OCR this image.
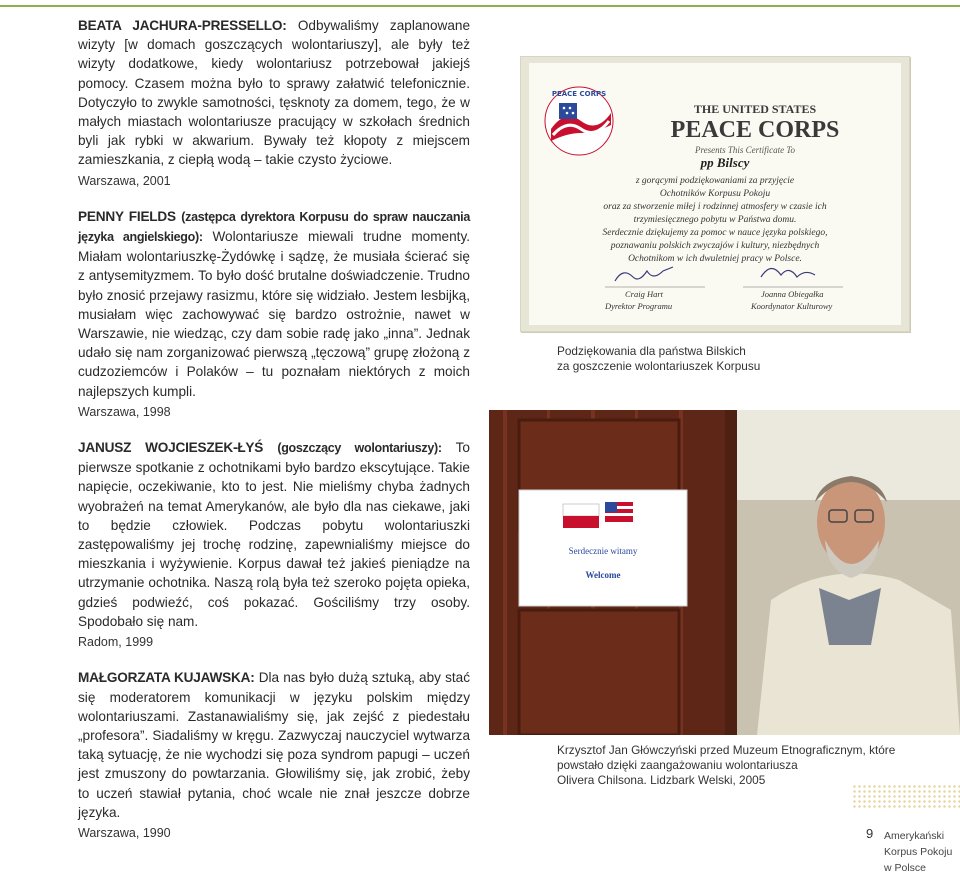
BEATA JACHURA-PRESSELLO: Odbywaliśmy zaplanowane wizyty [w domach goszczących wolontariuszy], ale były też wizyty dodatkowe, kiedy wolontariusz potrzebował jakiejś pomocy. Czasem można było to sprawy załatwić telefonicznie. Dotyczyło to zwykle samotności, tęsknoty za domem, tego, że w małych miastach wolontariusze pracujący w szkołach średnich byli jak rybki w akwarium. Bywały też kłopoty z miejscem zamieszkania, z ciepłą wodą – takie czysto życiowe.
Warszawa, 2001

PENNY FIELDS (zastępca dyrektora Korpusu do spraw nauczania języka angielskiego): Wolontariusze miewali trudne momenty. Miałam wolontariuszkę-Żydówkę i sądzę, że musiała ścierać się z antysemityzmem. To było dość brutalne doświadczenie. Trudno było znosić przejawy rasizmu, które się widziało. Jestem lesbijką, musiałam więc zachowywać się bardzo ostrożnie, nawet w Warszawie, nie wiedząc, czy dam sobie radę jako „inna”. Jednak udało się nam zorganizować pierwszą „tęczową” grupę złożoną z cudzoziemców i Polaków – tu poznałam niektórych z moich najlepszych kumpli.
Warszawa, 1998

JANUSZ WOJCIESZEK-ŁYŚ (goszczący wolontariuszy): To pierwsze spotkanie z ochotnikami było bardzo ekscytujące. Takie napięcie, oczekiwanie, kto to jest. Nie mieliśmy chyba żadnych wyobrażeń na temat Amerykanów, ale było dla nas ciekawe, jaki to będzie człowiek. Podczas pobytu wolontariuszki zastępowaliśmy jej trochę rodzinę, zapewnialiśmy miejsce do mieszkania i wyżywienie. Korpus dawał też jakieś pieniądze na utrzymanie ochotnika. Naszą rolą była też szeroko pojęta opieka, gdzieś podwieźć, coś pokazać. Gościliśmy trzy osoby. Spodobało się nam.
Radom, 1999

MAŁGORZATA KUJAWSKA: Dla nas było dużą sztuką, aby stać się moderatorem komunikacji w języku polskim między wolontariuszami. Zastanawialiśmy się, jak zejść z piedestału „profesora”. Siadaliśmy w kręgu. Zazwyczaj nauczyciel wytwarza taką sytuację, że nie wychodzi się poza syndrom papugi – uczeń jest zmuszony do powtarzania. Głowiliśmy się, jak zrobić, żeby to uczeń stawiał pytania, choć wcale nie znał jeszcze dobrze języka.
Warszawa, 1990

PEACE CORPS
THE UNITED STATES
PEACE CORPS
Presents This Certificate To
pp Bilscy
z gorącymi podziękowaniami za przyjęcie
Ochotników Korpusu Pokoju
oraz za stworzenie miłej i rodzinnej atmosfery w czasie ich
trzymiesięcznego pobytu w Państwa domu.
Serdecznie dziękujemy za pomoc w nauce języka polskiego,
poznawaniu polskich zwyczajów i kultury, niezbędnych
Ochotnikom w ich dwuletniej pracy w Polsce.
Craig Hart
Dyrektor Programu
Joanna Obiegałka
Koordynator Kulturowy
Podziękowania dla państwa Bilskich
za goszczenie wolontariuszek Korpusu
Serdecznie witamy
Welcome
Krzysztof Jan Główczyński przed Muzeum Etnograficznym, które
powstało dzięki zaangażowaniu wolontariusza
Olivera Chilsona. Lidzbark Welski, 2005
9 Amerykański
Korpus Pokoju
w Polsce
